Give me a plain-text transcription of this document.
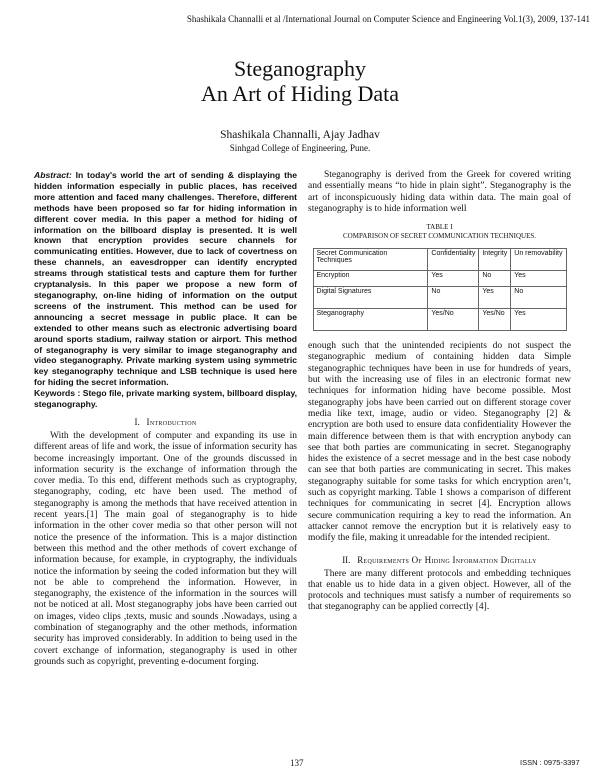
Shashikala Channalli et al /International Journal on Computer Science and Engineering Vol.1(3), 2009, 137-141
Steganography
An Art of Hiding Data
Shashikala Channalli, Ajay Jadhav
Sinhgad College of Engineering, Pune.

Abstract: In today's world the art of sending & displaying the hidden information especially in public places, has received more attention and faced many challenges. Therefore, different methods have been proposed so far for hiding information in different cover media. In this paper a method for hiding of information on the billboard display is presented. It is well known that encryption provides secure channels for communicating entities. However, due to lack of covertness on these channels, an eavesdropper can identify encrypted streams through statistical tests and capture them for further cryptanalysis. In this paper we propose a new form of steganography, on-line hiding of information on the output screens of the instrument. This method can be used for announcing a secret message in public place. It can be extended to other means such as electronic advertising board around sports stadium, railway station or airport. This method of steganography is very similar to image steganography and video steganography. Private marking system using symmetric key steganography technique and LSB technique is used here for hiding the secret information.

Keywords : Stego file, private marking system, billboard display, steganography.

I. Introduction

With the development of computer and expanding its use in different areas of life and work, the issue of information security has become increasingly important. One of the grounds discussed in information security is the exchange of information through the cover media. To this end, different methods such as cryptography, steganography, coding, etc have been used. The method of steganography is among the methods that have received attention in recent years.[1] The main goal of steganography is to hide information in the other cover media so that other person will not notice the presence of the information. This is a major distinction between this method and the other methods of covert exchange of information because, for example, in cryptography, the individuals notice the information by seeing the coded information but they will not be able to comprehend the information. However, in steganography, the existence of the information in the sources will not be noticed at all. Most steganography jobs have been carried out on images, video clips ,texts, music and sounds .Nowadays, using a combination of steganography and the other methods, information security has improved considerably. In addition to being used in the covert exchange of information, steganography is used in other grounds such as copyright, preventing e-document forging.

Steganography is derived from the Greek for covered writing and essentially means “to hide in plain sight”. Steganography is the art of inconspicuously hiding data within data. The main goal of steganography is to hide information well

TABLE I
COMPARISON OF SECRET COMMUNICATION TECHNIQUES.
Secret Communication Techniques	Confidentiality	Integrity	Un removability
Encryption	Yes	No	Yes
Digital Signatures	No	Yes	No
Steganography	Yes/No	Yes/No	Yes

enough such that the unintended recipients do not suspect the steganographic medium of containing hidden data Simple steganographic techniques have been in use for hundreds of years, but with the increasing use of files in an electronic format new techniques for information hiding have become possible. Most steganography jobs have been carried out on different storage cover media like text, image, audio or video. Steganography [2] & encryption are both used to ensure data confidentiality However the main difference between them is that with encryption anybody can see that both parties are communicating in secret. Steganography hides the existence of a secret message and in the best case nobody can see that both parties are communicating in secret. This makes steganography suitable for some tasks for which encryption aren’t, such as copyright marking. Table 1 shows a comparison of different techniques for communicating in secret [4]. Encryption allows secure communication requiring a key to read the information. An attacker cannot remove the encryption but it is relatively easy to modify the file, making it unreadable for the intended recipient.

II. Requirements Of Hiding Information Digitally

There are many different protocols and embedding techniques that enable us to hide data in a given object. However, all of the protocols and techniques must satisfy a number of requirements so that steganography can be applied correctly [4].

137	ISSN : 0975-3397
